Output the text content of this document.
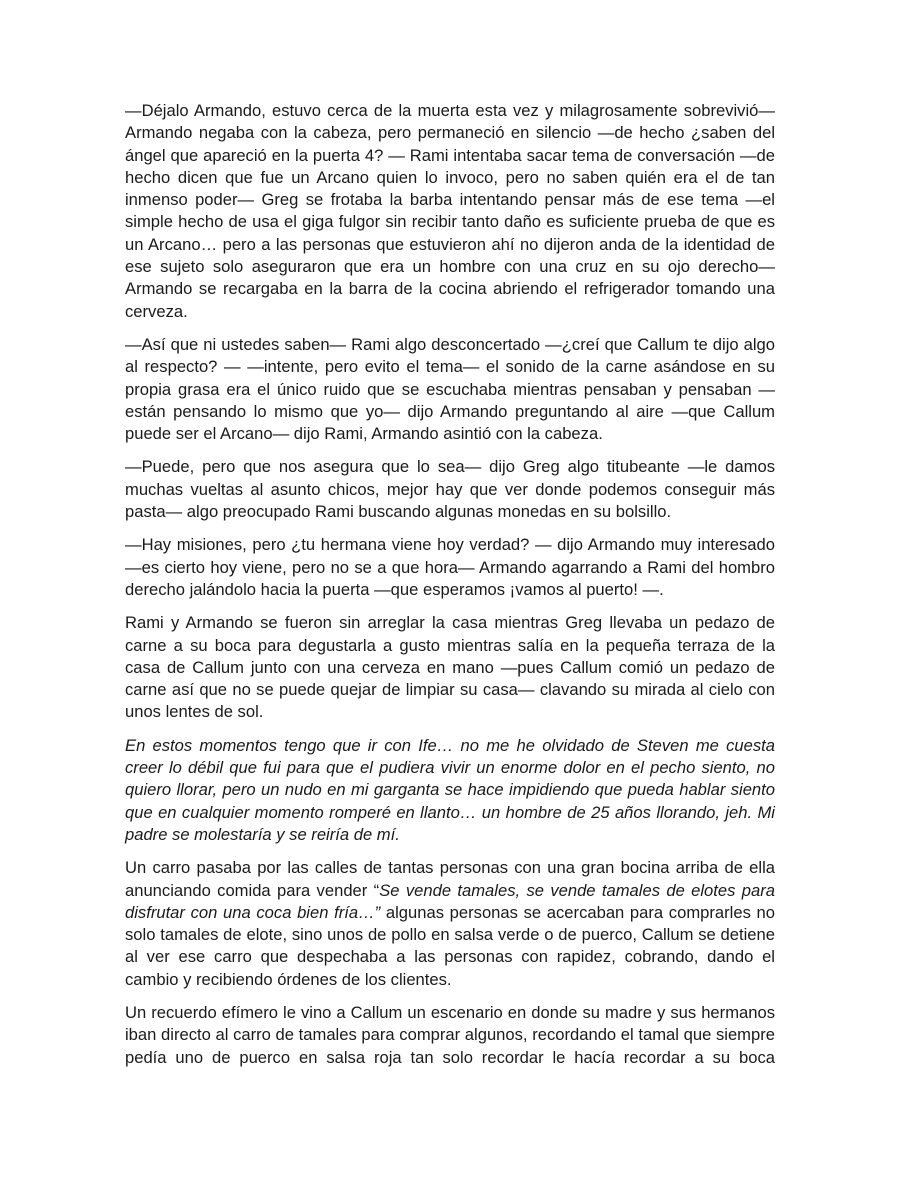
—Déjalo Armando, estuvo cerca de la muerta esta vez y milagrosamente sobrevivió— Armando negaba con la cabeza, pero permaneció en silencio —de hecho ¿saben del ángel que apareció en la puerta 4? — Rami intentaba sacar tema de conversación —de hecho dicen que fue un Arcano quien lo invoco, pero no saben quién era el de tan inmenso poder— Greg se frotaba la barba intentando pensar más de ese tema —el simple hecho de usa el giga fulgor sin recibir tanto daño es suficiente prueba de que es un Arcano… pero a las personas que estuvieron ahí no dijeron anda de la identidad de ese sujeto solo aseguraron que era un hombre con una cruz en su ojo derecho— Armando se recargaba en la barra de la cocina abriendo el refrigerador tomando una cerveza.

—Así que ni ustedes saben— Rami algo desconcertado —¿creí que Callum te dijo algo al respecto? — —intente, pero evito el tema— el sonido de la carne asándose en su propia grasa era el único ruido que se escuchaba mientras pensaban y pensaban —están pensando lo mismo que yo— dijo Armando preguntando al aire —que Callum puede ser el Arcano— dijo Rami, Armando asintió con la cabeza.

—Puede, pero que nos asegura que lo sea— dijo Greg algo titubeante —le damos muchas vueltas al asunto chicos, mejor hay que ver donde podemos conseguir más pasta— algo preocupado Rami buscando algunas monedas en su bolsillo.

—Hay misiones, pero ¿tu hermana viene hoy verdad? — dijo Armando muy interesado —es cierto hoy viene, pero no se a que hora— Armando agarrando a Rami del hombro derecho jalándolo hacia la puerta —que esperamos ¡vamos al puerto! —.

Rami y Armando se fueron sin arreglar la casa mientras Greg llevaba un pedazo de carne a su boca para degustarla a gusto mientras salía en la pequeña terraza de la casa de Callum junto con una cerveza en mano —pues Callum comió un pedazo de carne así que no se puede quejar de limpiar su casa— clavando su mirada al cielo con unos lentes de sol.

En estos momentos tengo que ir con Ife… no me he olvidado de Steven me cuesta creer lo débil que fui para que el pudiera vivir un enorme dolor en el pecho siento, no quiero llorar, pero un nudo en mi garganta se hace impidiendo que pueda hablar siento que en cualquier momento romperé en llanto… un hombre de 25 años llorando, jeh. Mi padre se molestaría y se reiría de mí.

Un carro pasaba por las calles de tantas personas con una gran bocina arriba de ella anunciando comida para vender “Se vende tamales, se vende tamales de elotes para disfrutar con una coca bien fría…” algunas personas se acercaban para comprarles no solo tamales de elote, sino unos de pollo en salsa verde o de puerco, Callum se detiene al ver ese carro que despechaba a las personas con rapidez, cobrando, dando el cambio y recibiendo órdenes de los clientes.

Un recuerdo efímero le vino a Callum un escenario en donde su madre y sus hermanos iban directo al carro de tamales para comprar algunos, recordando el tamal que siempre pedía uno de puerco en salsa roja tan solo recordar le hacía recordar a su boca
